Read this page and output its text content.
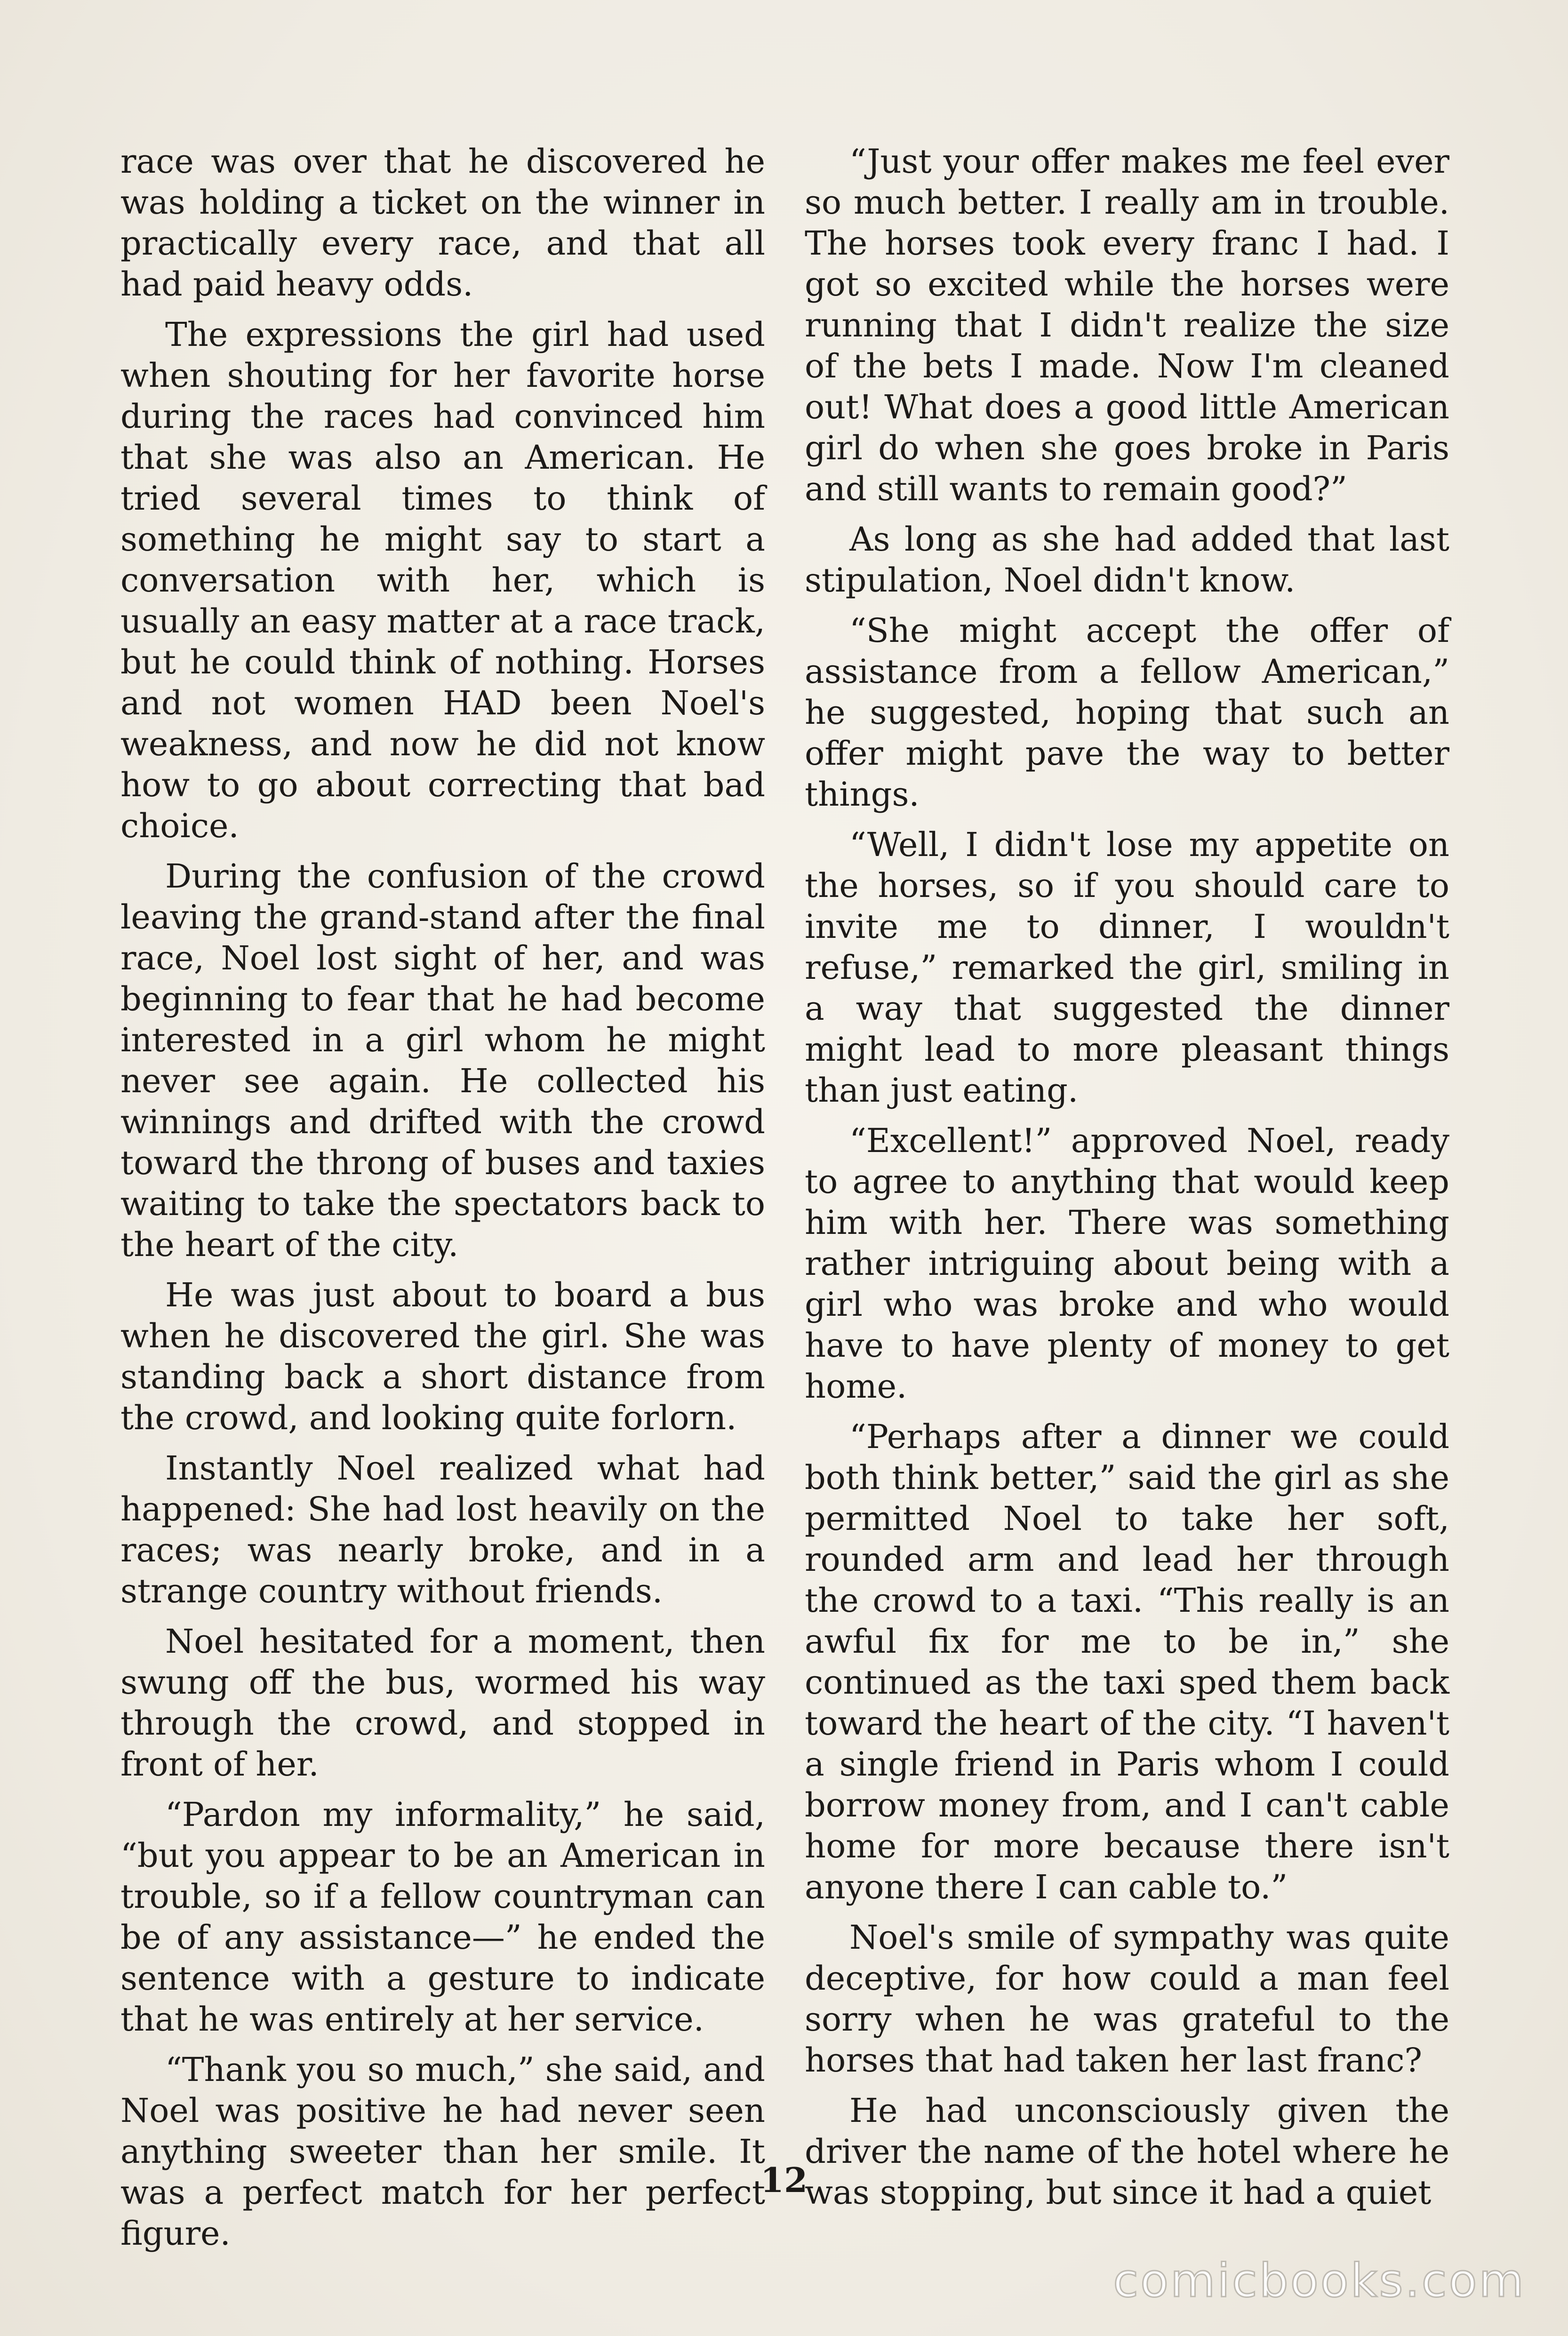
race was over that he discovered he was holding a ticket on the winner in practically every race, and that all had paid heavy odds.

The expressions the girl had used when shouting for her favorite horse during the races had convinced him that she was also an American. He tried several times to think of something he might say to start a conversation with her, which is usually an easy matter at a race track, but he could think of nothing. Horses and not women HAD been Noel's weakness, and now he did not know how to go about correcting that bad choice.

During the confusion of the crowd leaving the grand-stand after the final race, Noel lost sight of her, and was beginning to fear that he had become interested in a girl whom he might never see again. He collected his winnings and drifted with the crowd toward the throng of buses and taxies waiting to take the spectators back to the heart of the city.

He was just about to board a bus when he discovered the girl. She was standing back a short distance from the crowd, and looking quite forlorn.

Instantly Noel realized what had happened: She had lost heavily on the races; was nearly broke, and in a strange country without friends.

Noel hesitated for a moment, then swung off the bus, wormed his way through the crowd, and stopped in front of her.

“Pardon my informality,” he said, “but you appear to be an American in trouble, so if a fellow countryman can be of any assistance—” he ended the sentence with a gesture to indicate that he was entirely at her service.

“Thank you so much,” she said, and Noel was positive he had never seen anything sweeter than her smile. It was a perfect match for her perfect figure.

“Just your offer makes me feel ever so much better. I really am in trouble. The horses took every franc I had. I got so excited while the horses were running that I didn't realize the size of the bets I made. Now I'm cleaned out! What does a good little American girl do when she goes broke in Paris and still wants to remain good?”

As long as she had added that last stipulation, Noel didn't know.

“She might accept the offer of assistance from a fellow American,” he suggested, hoping that such an offer might pave the way to better things.

“Well, I didn't lose my appetite on the horses, so if you should care to invite me to dinner, I wouldn't refuse,” remarked the girl, smiling in a way that suggested the dinner might lead to more pleasant things than just eating.

“Excellent!” approved Noel, ready to agree to anything that would keep him with her. There was something rather intriguing about being with a girl who was broke and who would have to have plenty of money to get home.

“Perhaps after a dinner we could both think better,” said the girl as she permitted Noel to take her soft, rounded arm and lead her through the crowd to a taxi. “This really is an awful fix for me to be in,” she continued as the taxi sped them back toward the heart of the city. “I haven't a single friend in Paris whom I could borrow money from, and I can't cable home for more because there isn't anyone there I can cable to.”

Noel's smile of sympathy was quite deceptive, for how could a man feel sorry when he was grateful to the horses that had taken her last franc?

He had unconsciously given the driver the name of the hotel where he was stopping, but since it had a quiet

12
comicbooks.com
